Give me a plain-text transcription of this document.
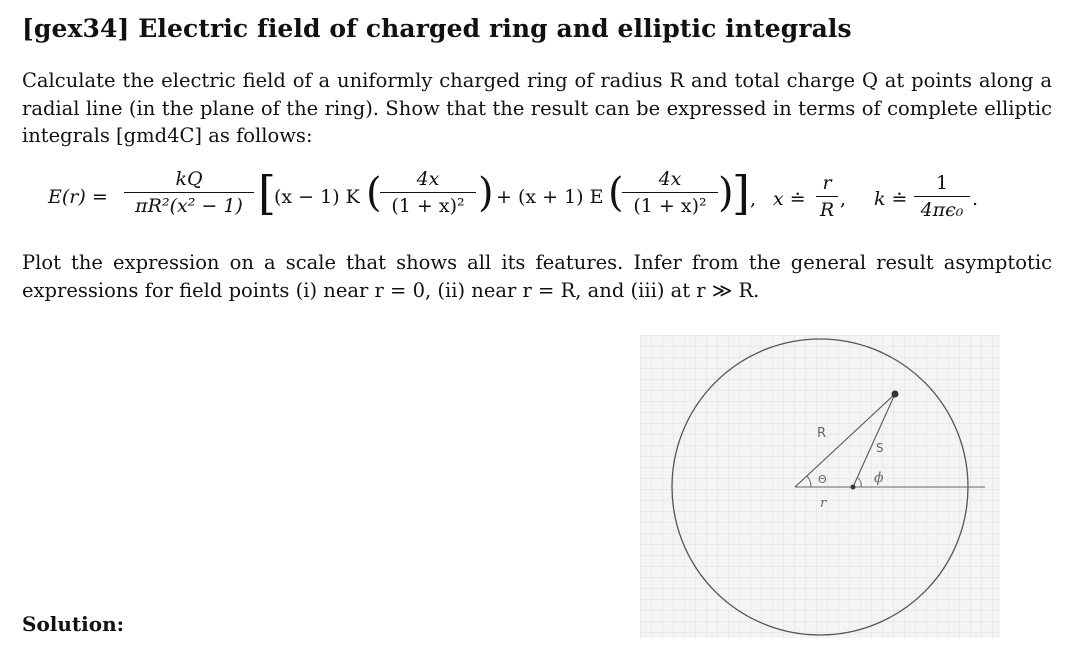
[gex34] Electric field of charged ring and elliptic integrals
Calculate the electric field of a uniformly charged ring of radius R and total charge Q at points along a radial line (in the plane of the ring). Show that the result can be expressed in terms of complete elliptic integrals [gmd4C] as follows:
E(r) =
kQ
πR²(x² − 1) [
(x − 1) K (	4x
(1 + x)² ) + (x + 1) E (	4x
(1 + x)² )
] , x ≐
r
R , k ≐
1
4πϵ₀ .
Plot the expression on a scale that shows all its features. Infer from the general result asymptotic expressions for field points (i) near r = 0, (ii) near r = R, and (iii) at r ≫ R.
Solution:
R
S
Θ	ϕ
r
